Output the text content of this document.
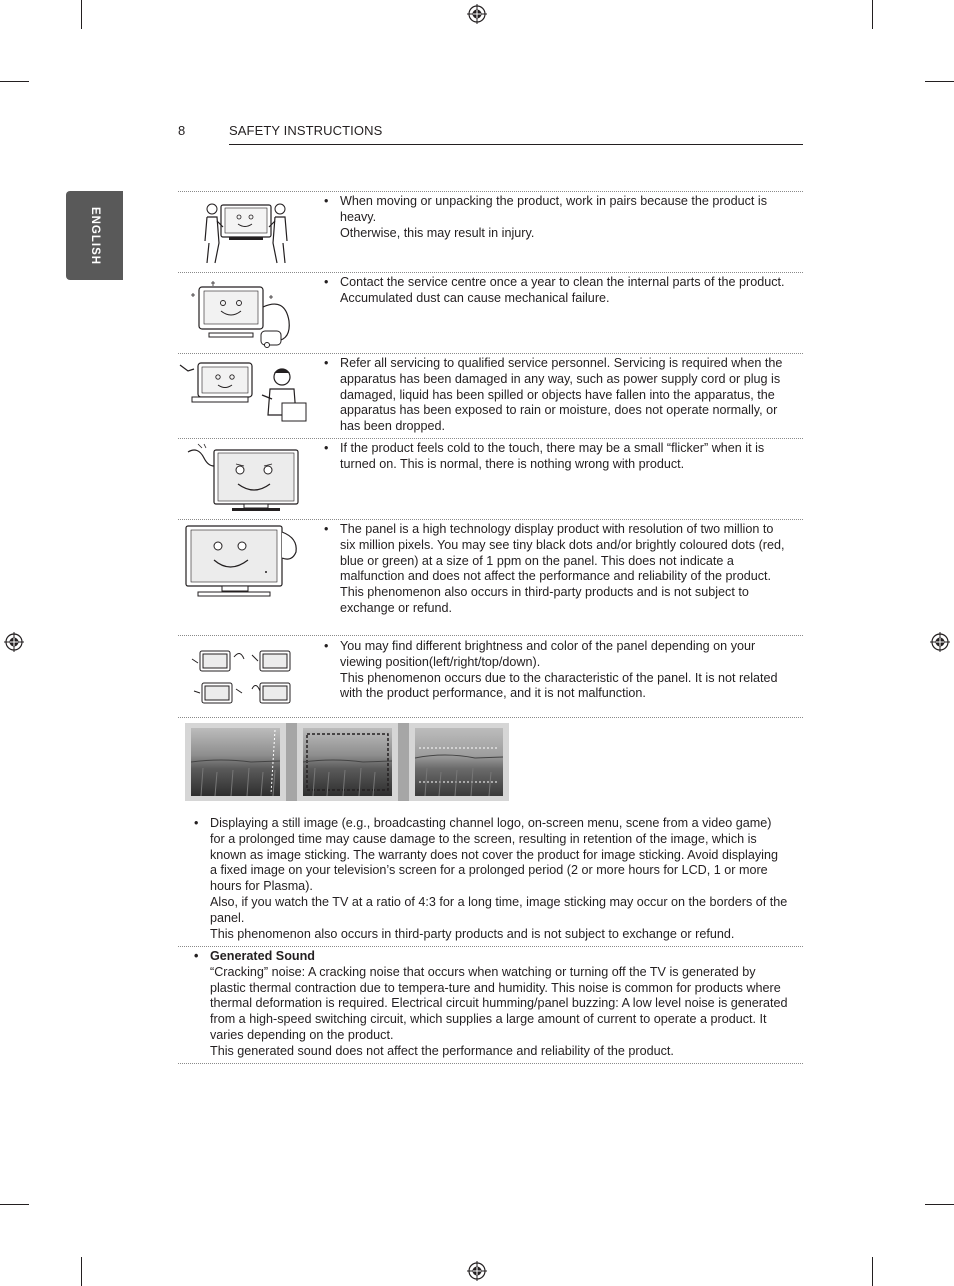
8	SAFETY INSTRUCTIONS
ENGLISH
• When moving or unpacking the product, work in pairs because the product is heavy.
Otherwise, this may result in injury.
• Contact the service centre once a year to clean the internal parts of the product.
Accumulated dust can cause mechanical failure.
• Refer all servicing to qualified service personnel. Servicing is required when the apparatus has been damaged in any way, such as power supply cord or plug is damaged, liquid has been spilled or objects have fallen into the apparatus, the apparatus has been exposed to rain or moisture, does not operate normally, or has been dropped.
• If the product feels cold to the touch, there may be a small “flicker” when it is turned on. This is normal, there is nothing wrong with product.
• The panel is a high technology display product with resolution of two million to six million pixels. You may see tiny black dots and/or brightly coloured dots (red, blue or green) at a size of 1 ppm on the panel. This does not indicate a malfunction and does not affect the performance and reliability of the product.
This phenomenon also occurs in third-party products and is not subject to exchange or refund.
• You may find different brightness and color of the panel depending on your viewing position(left/right/top/down).
This phenomenon occurs due to the characteristic of the panel. It is not related with the product performance, and it is not malfunction.
• Displaying a still image (e.g., broadcasting channel logo, on-screen menu, scene from a video game) for a prolonged time may cause damage to the screen, resulting in retention of the image, which is known as image sticking. The warranty does not cover the product for image sticking. Avoid displaying a fixed image on your television’s screen for a prolonged period (2 or more hours for LCD, 1 or more hours for Plasma).
Also, if you watch the TV at a ratio of 4:3 for a long time, image sticking may occur on the borders of the panel.
This phenomenon also occurs in third-party products and is not subject to exchange or refund.
• Generated Sound
“Cracking” noise: A cracking noise that occurs when watching or turning off the TV is generated by plastic thermal contraction due to tempera-ture and humidity. This noise is common for products where thermal deformation is required. Electrical circuit humming/panel buzzing: A low level noise is generated from a high-speed switching circuit, which supplies a large amount of current to operate a product. It varies depending on the product.
This generated sound does not affect the performance and reliability of the product.
